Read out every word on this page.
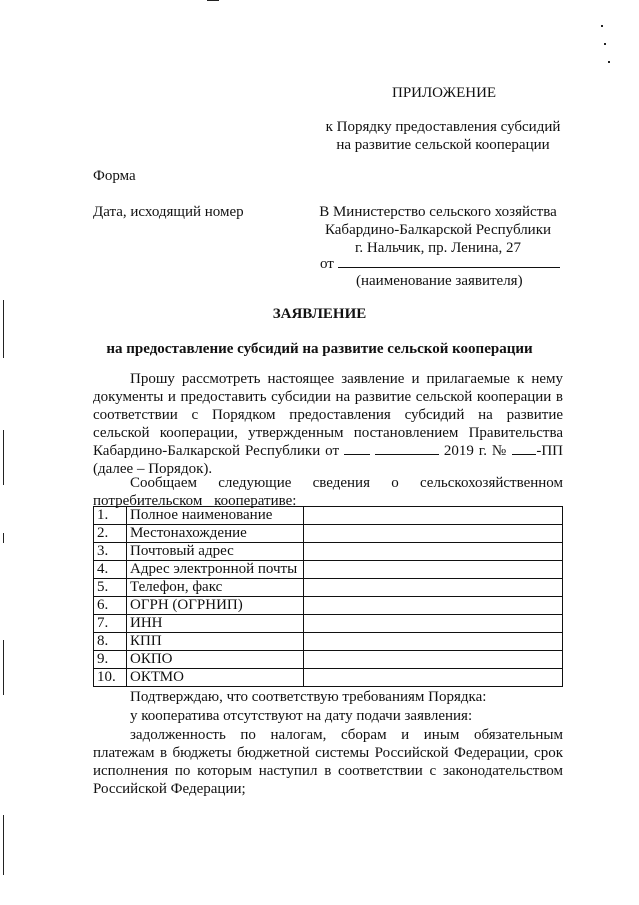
ПРИЛОЖЕНИЕ
к Порядку предоставления субсидий
на развитие сельской кооперации
Форма
Дата, исходящий номер	В Министерство сельского хозяйства
Кабардино-Балкарской Республики
г. Нальчик, пр. Ленина, 27
от
(наименование заявителя)
ЗАЯВЛЕНИЕ
на предоставление субсидий на развитие сельской кооперации
Прошу рассмотреть настоящее заявление и прилагаемые к нему документы и предоставить субсидии на развитие сельской кооперации в соответствии с Порядком предоставления субсидий на развитие сельской кооперации, утвержденным постановлением Правительства Кабардино-Балкарской Республики от	2019 г. № -ПП (далее – Порядок).
Сообщаем следующие сведения о сельскохозяйственном потребительском кооперативе:
1.	Полное наименование	
2.	Местонахождение	
3.	Почтовый адрес	
4.	Адрес электронной почты	
5.	Телефон, факс	
6.	ОГРН (ОГРНИП)	
7.	ИНН	
8.	КПП	
9.	ОКПО	
10.	ОКТМО	
Подтверждаю, что соответствую требованиям Порядка:
у кооператива отсутствуют на дату подачи заявления:
задолженность по налогам, сборам и иным обязательным платежам в бюджеты бюджетной системы Российской Федерации, срок исполнения по которым наступил в соответствии с законодательством Российской Федерации;
